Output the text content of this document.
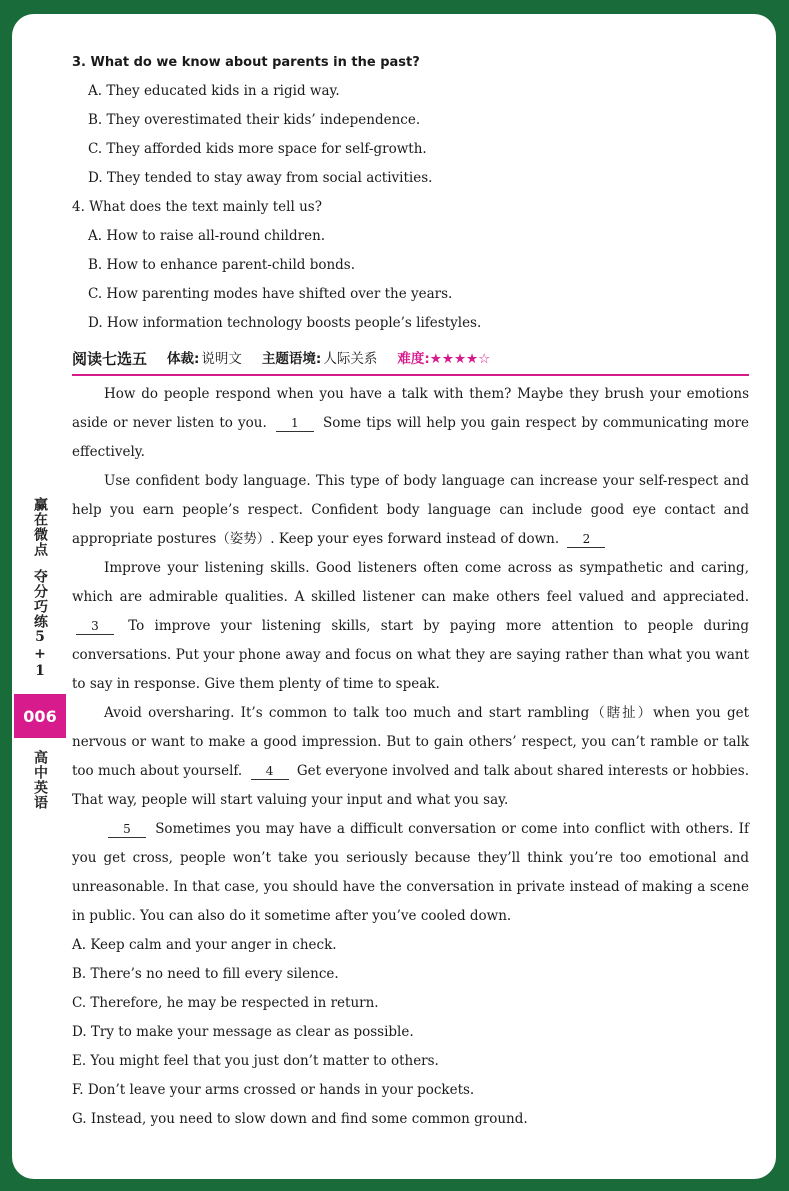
赢在微点
夺分巧练5+1
006
高中英语

3. What do we know about parents in the past?

A. They educated kids in a rigid way.

B. They overestimated their kids’ independence.

C. They afforded kids more space for self-growth.

D. They tended to stay away from social activities.

4. What does the text mainly tell us?

A. How to raise all-round children.

B. How to enhance parent-child bonds.

C. How parenting modes have shifted over the years.

D. How information technology boosts people’s lifestyles.

阅读七选五 体裁: 说明文 主题语境: 人际关系 难度: ★★★★☆

How do people respond when you have a talk with them? Maybe they brush your emotions aside or never listen to you. 1 Some tips will help you gain respect by communicating more effectively.

Use confident body language. This type of body language can increase your self-respect and help you earn people’s respect. Confident body language can include good eye contact and appropriate postures（姿势）. Keep your eyes forward instead of down. 2

Improve your listening skills. Good listeners often come across as sympathetic and caring, which are admirable qualities. A skilled listener can make others feel valued and appreciated. 3 To improve your listening skills, start by paying more attention to people during conversations. Put your phone away and focus on what they are saying rather than what you want to say in response. Give them plenty of time to speak.

Avoid oversharing. It’s common to talk too much and start rambling（瞎扯）when you get nervous or want to make a good impression. But to gain others’ respect, you can’t ramble or talk too much about yourself. 4 Get everyone involved and talk about shared interests or hobbies. That way, people will start valuing your input and what you say.

5 Sometimes you may have a difficult conversation or come into conflict with others. If you get cross, people won’t take you seriously because they’ll think you’re too emotional and unreasonable. In that case, you should have the conversation in private instead of making a scene in public. You can also do it sometime after you’ve cooled down.

A. Keep calm and your anger in check.

B. There’s no need to fill every silence.

C. Therefore, he may be respected in return.

D. Try to make your message as clear as possible.

E. You might feel that you just don’t matter to others.

F. Don’t leave your arms crossed or hands in your pockets.

G. Instead, you need to slow down and find some common ground.
